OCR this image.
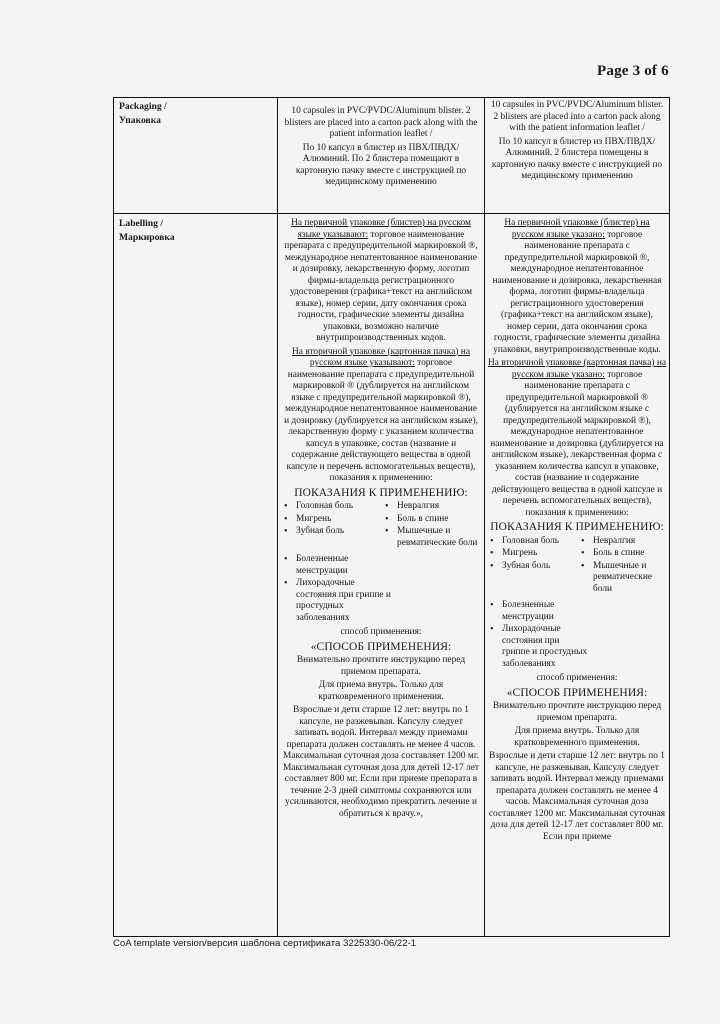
Page 3 of 6
Packaging /
Упаковка

10 capsules in PVC/PVDC/Aluminum blister. 2 blisters are placed into a carton pack along with the patient information leaflet /

По 10 капсул в блистер из ПВХ/ПВДХ/Алюминий. По 2 блистера помещают в картонную пачку вместе с инструкцией по медицинскому применению

10 capsules in PVC/PVDC/Aluminum blister. 2 blisters are placed into a carton pack along with the patient information leaflet /

По 10 капсул в блистер из ПВХ/ПВДХ/Алюминий. 2 блистера помещены в картонную пачку вместе с инструкцией по медицинскому применению

Labelling /
Маркировка

На первичной упаковке (блистер) на русском языке указывают: торговое наименование препарата с предупредительной маркировкой ®, международное непатентованное наименование и дозировку, лекарственную форму, логотип фирмы-владельца регистрационного удостоверения (графика+текст на английском языке), номер серии, дату окончания срока годности, графические элементы дизайна упаковки, возможно наличие внутрипроизводственных кодов.

На вторичной упаковке (картонная пачка) на русском языке указывают: торговое наименование препарата с предупредительной маркировкой ® (дублируется на английском языке с предупредительной маркировкой ®), международное непатентованное наименование и дозировку (дублируется на английском языке), лекарственную форму с указанием количества капсул в упаковке, состав (название и содержание действующего вещества в одной капсуле и перечень вспомогательных веществ), показания к применению:

ПОКАЗАНИЯ К ПРИМЕНЕНИЮ:

• Головная боль
• Мигрень
• Зубная боль
• Невралгия
• Боль в спине
• Мышечные и ревматические боли
• Болезненные менструации
• Лихорадочные состояния при гриппе и простудных заболеваниях

способ применения:

«СПОСОБ ПРИМЕНЕНИЯ:

Внимательно прочтите инструкцию перед приемом препарата.

Для приема внутрь. Только для кратковременного применения.

Взрослые и дети старше 12 лет: внутрь по 1 капсуле, не разжевывая. Капсулу следует запивать водой. Интервал между приемами препарата должен составлять не менее 4 часов. Максимальная суточная доза составляет 1200 мг. Максимальная суточная доза для детей 12-17 лет составляет 800 мг. Если при приеме препарата в течение 2-3 дней симптомы сохраняются или усиливаются, необходимо прекратить лечение и обратиться к врачу.»,

На первичной упаковке (блистер) на русском языке указано: торговое наименование препарата с предупредительной маркировкой ®, международное непатентованное наименование и дозировка, лекарственная форма, логотип фирмы-владельца регистрационного удостоверения (графика+текст на английском языке), номер серии, дата окончания срока годности, графические элементы дизайна упаковки, внутрипроизводственные коды.

На вторичной упаковке (картонная пачка) на русском языке указано: торговое наименование препарата с предупредительной маркировкой ® (дублируется на английском языке с предупредительной маркировкой ®), международное непатентованное наименование и дозировка (дублируется на английском языке), лекарственная форма с указанием количества капсул в упаковке, состав (название и содержание действующего вещества в одной капсуле и перечень вспомогательных веществ), показания к применению:

ПОКАЗАНИЯ К ПРИМЕНЕНИЮ:

• Головная боль
• Мигрень
• Зубная боль
• Невралгия
• Боль в спине
• Мышечные и ревматические боли
• Болезненные менструации
• Лихорадочные состояния при гриппе и простудных заболеваниях

способ применения:

«СПОСОБ ПРИМЕНЕНИЯ:

Внимательно прочтите инструкцию перед приемом препарата.

Для приема внутрь. Только для кратковременного применения.

Взрослые и дети старше 12 лет: внутрь по 1 капсуле, не разжевывая. Капсулу следует запивать водой. Интервал между приемами препарата должен составлять не менее 4 часов. Максимальная суточная доза составляет 1200 мг. Максимальная суточная доза для детей 12-17 лет составляет 800 мг. Если при приеме

CoA template version/версия шаблона сертификата 3225330-06/22-1
